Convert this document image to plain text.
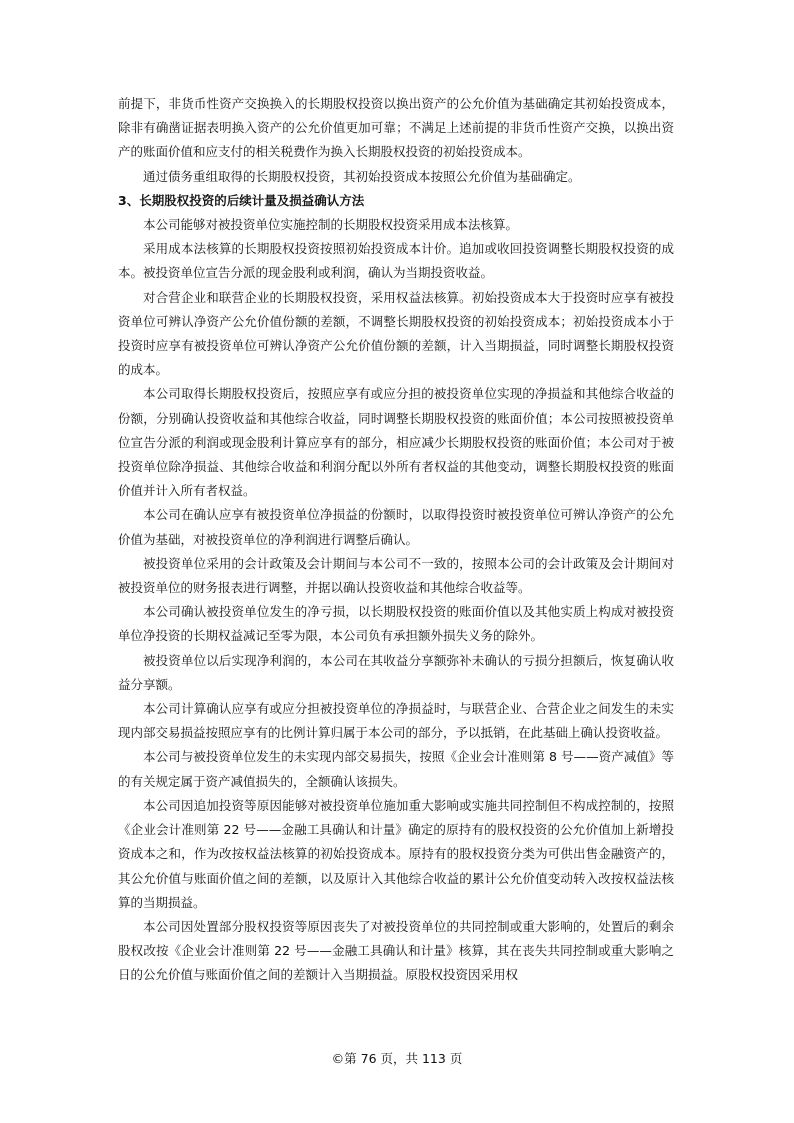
前提下，非货币性资产交换换入的长期股权投资以换出资产的公允价值为基础确定其初始投资成本，除非有确凿证据表明换入资产的公允价值更加可靠；不满足上述前提的非货币性资产交换，以换出资产的账面价值和应支付的相关税费作为换入长期股权投资的初始投资成本。

通过债务重组取得的长期股权投资，其初始投资成本按照公允价值为基础确定。

3、长期股权投资的后续计量及损益确认方法

本公司能够对被投资单位实施控制的长期股权投资采用成本法核算。

采用成本法核算的长期股权投资按照初始投资成本计价。追加或收回投资调整长期股权投资的成本。被投资单位宣告分派的现金股利或利润，确认为当期投资收益。

对合营企业和联营企业的长期股权投资，采用权益法核算。初始投资成本大于投资时应享有被投资单位可辨认净资产公允价值份额的差额，不调整长期股权投资的初始投资成本；初始投资成本小于投资时应享有被投资单位可辨认净资产公允价值份额的差额，计入当期损益，同时调整长期股权投资的成本。

本公司取得长期股权投资后，按照应享有或应分担的被投资单位实现的净损益和其他综合收益的份额，分别确认投资收益和其他综合收益，同时调整长期股权投资的账面价值；本公司按照被投资单位宣告分派的利润或现金股利计算应享有的部分，相应减少长期股权投资的账面价值；本公司对于被投资单位除净损益、其他综合收益和利润分配以外所有者权益的其他变动，调整长期股权投资的账面价值并计入所有者权益。

本公司在确认应享有被投资单位净损益的份额时，以取得投资时被投资单位可辨认净资产的公允价值为基础，对被投资单位的净利润进行调整后确认。

被投资单位采用的会计政策及会计期间与本公司不一致的，按照本公司的会计政策及会计期间对被投资单位的财务报表进行调整，并据以确认投资收益和其他综合收益等。

本公司确认被投资单位发生的净亏损，以长期股权投资的账面价值以及其他实质上构成对被投资单位净投资的长期权益减记至零为限，本公司负有承担额外损失义务的除外。

被投资单位以后实现净利润的，本公司在其收益分享额弥补未确认的亏损分担额后，恢复确认收益分享额。

本公司计算确认应享有或应分担被投资单位的净损益时，与联营企业、合营企业之间发生的未实现内部交易损益按照应享有的比例计算归属于本公司的部分，予以抵销，在此基础上确认投资收益。

本公司与被投资单位发生的未实现内部交易损失，按照《企业会计准则第 8 号——资产减值》等的有关规定属于资产减值损失的，全额确认该损失。

本公司因追加投资等原因能够对被投资单位施加重大影响或实施共同控制但不构成控制的，按照《企业会计准则第 22 号——金融工具确认和计量》确定的原持有的股权投资的公允价值加上新增投资成本之和，作为改按权益法核算的初始投资成本。原持有的股权投资分类为可供出售金融资产的，其公允价值与账面价值之间的差额，以及原计入其他综合收益的累计公允价值变动转入改按权益法核算的当期损益。

本公司因处置部分股权投资等原因丧失了对被投资单位的共同控制或重大影响的，处置后的剩余股权改按《企业会计准则第 22 号——金融工具确认和计量》核算，其在丧失共同控制或重大影响之日的公允价值与账面价值之间的差额计入当期损益。原股权投资因采用权

©第 76 页，共 113 页
